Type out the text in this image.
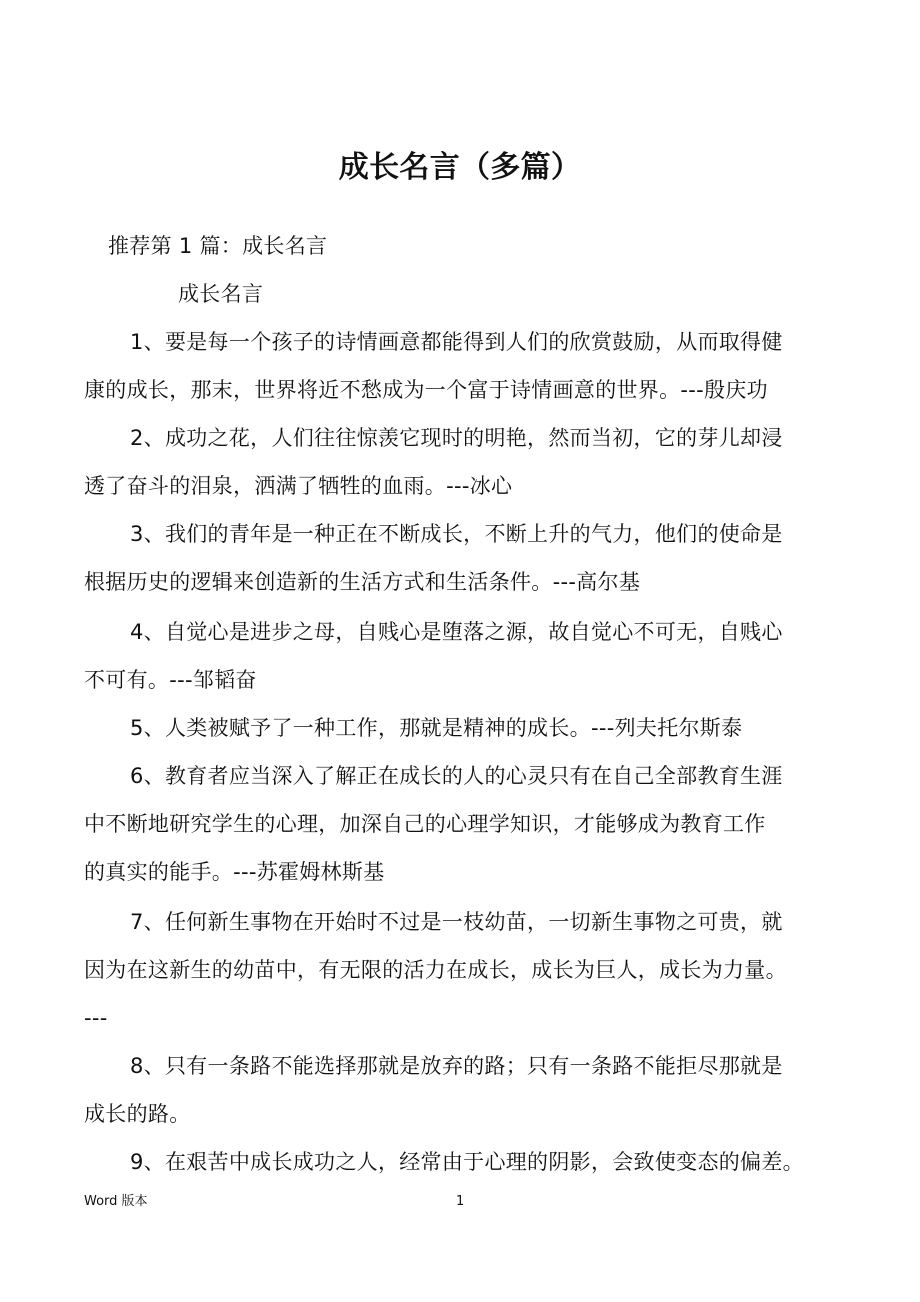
成长名言（多篇）
推荐第 1 篇：成长名言
成长名言
1、要是每一个孩子的诗情画意都能得到人们的欣赏鼓励，从而取得健
康的成长，那末，世界将近不愁成为一个富于诗情画意的世界。---殷庆功
2、成功之花，人们往往惊羡它现时的明艳，然而当初，它的芽儿却浸
透了奋斗的泪泉，洒满了牺牲的血雨。---冰心
3、我们的青年是一种正在不断成长，不断上升的气力，他们的使命是
根据历史的逻辑来创造新的生活方式和生活条件。---高尔基
4、自觉心是进步之母，自贱心是堕落之源，故自觉心不可无，自贱心
不可有。---邹韬奋
5、人类被赋予了一种工作，那就是精神的成长。---列夫托尔斯泰
6、教育者应当深入了解正在成长的人的心灵只有在自己全部教育生涯
中不断地研究学生的心理，加深自己的心理学知识，才能够成为教育工作
的真实的能手。---苏霍姆林斯基
7、任何新生事物在开始时不过是一枝幼苗，一切新生事物之可贵，就
因为在这新生的幼苗中，有无限的活力在成长，成长为巨人，成长为力量。
---
8、只有一条路不能选择那就是放弃的路；只有一条路不能拒尽那就是
成长的路。
9、在艰苦中成长成功之人，经常由于心理的阴影，会致使变态的偏差。
Word 版本	1
